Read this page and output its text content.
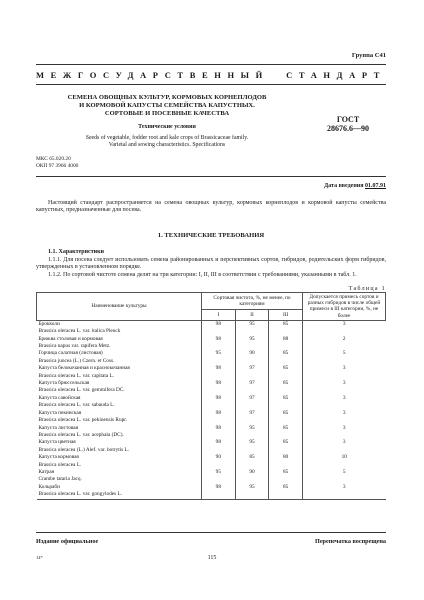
Группа С41
МЕЖГОСУДАРСТВЕННЫЙ СТАНДАРТ
СЕМЕНА ОВОЩНЫХ КУЛЬТУР, КОРМОВЫХ КОРНЕПЛОДОВ
И КОРМОВОЙ КАПУСТЫ СЕМЕЙСТВА КАПУСТНЫХ.
СОРТОВЫЕ И ПОСЕВНЫЕ КАЧЕСТВА
ГОСТ
28676.6—90
Технические условия
Seeds of vegetable, fodder root and kale crops of Brassicaceae family.
Varietal and sowing characteristics. Specifications
МКС 65.020.20
ОКП 97 3966 4000
Дата введения 01.07.91
Настоящий стандарт распространяется на семена овощных культур, кормовых корнеплодов и кормовой капусты семейства капустных, предназначенные для посева.
1. ТЕХНИЧЕСКИЕ ТРЕБОВАНИЯ
1.1. Характеристики
1.1.1. Для посева следует использовать семена районированных и перспективных сортов, гибридов, родительских форм гибридов, утвержденных в установленном порядке.
1.1.2. По сортовой чистоте семена делят на три категории: I, II, III в соответствии с требованиями, указанными в табл. 1.
Таблица 1
Наименование культуры	Сортовая чистота, %, не менее, по категориям			Допускается примесь сортов и разных гибридов в числе общей примеси в III категории, %, не более
	I	II	III	
Брокколи	98	95	85	3
Brassica oleracea L. var. italica Plenck				
Брюква столовая и кормовая	98	95	88	2
Brassica napus var. rapifera Metz.				
Горчица салатная (листовая)	95	90	85	5
Brassica juncea (L.) Czern. et Coss.				
Капуста белокочанная и краснокочанная	98	97	85	3
Brassica oleracea L. var. capitata L.				
Капуста брюссельская	98	97	85	3
Brassica oleracea L. var. gemmifera DC.				
Капуста савойская	98	97	85	3
Brassica oleracea L. var. sabauda L.				
Капуста пекинская	98	97	85	3
Brassica oleracea L. var. pekinensis Rupr.				
Капуста листовая	98	95	85	3
Brassica oleracea L. var. acephala (DC).				
Капуста цветная	98	95	85	3
Brassica oleracea (L.) Alef. var. botrytis L.				
Капуста кормовая	90	85	80	10
Brassica oleracea L.				
Катран	95	90	85	5
Crambe tataria Jacq.				
Кольраби	98	95	85	3
Brassica oleracea L. var. gongylodes L.				
Издание официальное	Перепечатка воспрещена
14*	115
